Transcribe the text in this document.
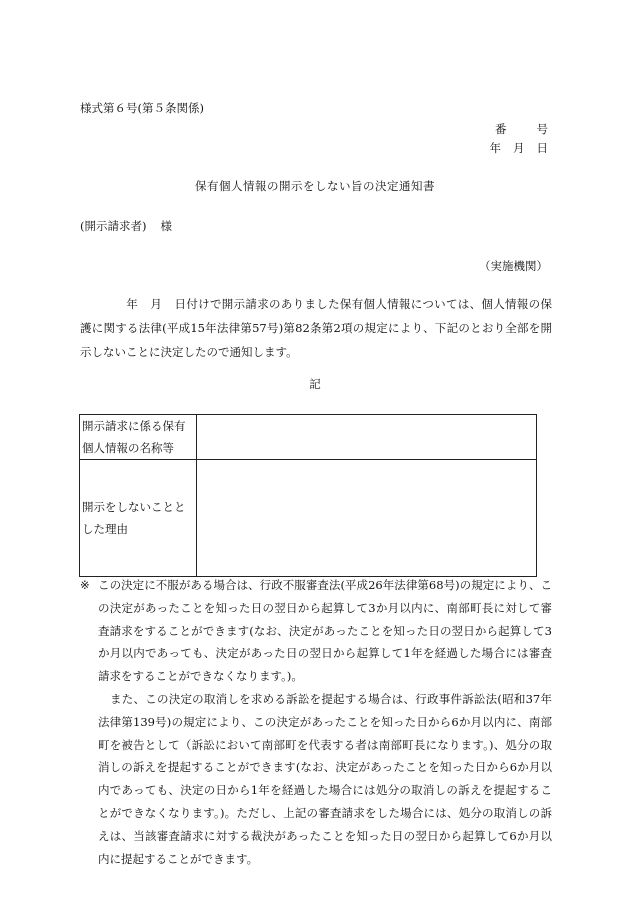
様式第６号(第５条関係)
番	号
年 月 日
保有個人情報の開示をしない旨の決定通知書
(開示請求者) 様
（実施機関）
年 月 日付けで開示請求のありました保有個人情報については、個人情報の保護に関する法律(平成15年法律第57号)第82条第2項の規定により、下記のとおり全部を開示しないことに決定したので通知します。
記
開示請求に係る保有個人情報の名称等	
開示をしないこととした理由	

※ この決定に不服がある場合は、行政不服審査法(平成26年法律第68号)の規定により、この決定があったことを知った日の翌日から起算して3か月以内に、南部町長に対して審査請求をすることができます(なお、決定があったことを知った日の翌日から起算して3か月以内であっても、決定があった日の翌日から起算して1年を経過した場合には審査請求をすることができなくなります。)。

また、この決定の取消しを求める訴訟を提起する場合は、行政事件訴訟法(昭和37年法律第139号)の規定により、この決定があったことを知った日から6か月以内に、南部町を被告として（訴訟において南部町を代表する者は南部町長になります。)、処分の取消しの訴えを提起することができます(なお、決定があったことを知った日から6か月以内であっても、決定の日から1年を経過した場合には処分の取消しの訴えを提起することができなくなります。)。ただし、上記の審査請求をした場合には、処分の取消しの訴えは、当該審査請求に対する裁決があったことを知った日の翌日から起算して6か月以内に提起することができます。
